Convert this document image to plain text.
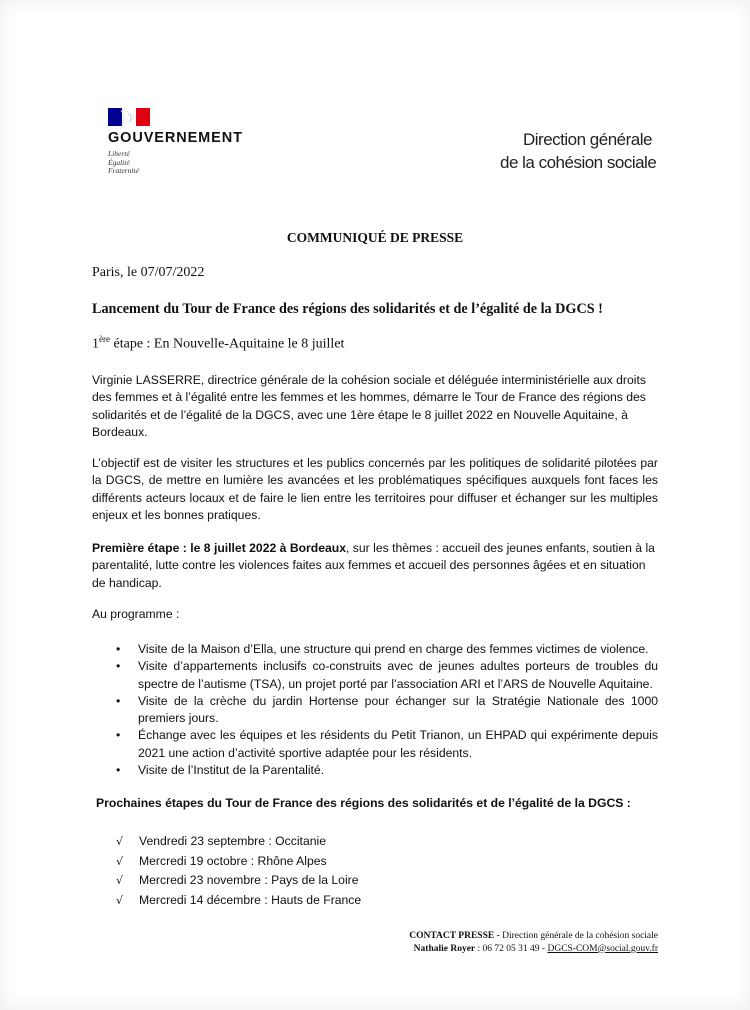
GOUVERNEMENT
Liberté
Égalité
Fraternité
Direction générale
de la cohésion sociale
COMMUNIQUÉ DE PRESSE
Paris, le 07/07/2022
Lancement du Tour de France des régions des solidarités et de l’égalité de la DGCS !
1ère étape : En Nouvelle-Aquitaine le 8 juillet
Virginie LASSERRE, directrice générale de la cohésion sociale et déléguée interministérielle aux droits des femmes et à l’égalité entre les femmes et les hommes, démarre le Tour de France des régions des solidarités et de l’égalité de la DGCS, avec une 1ère étape le 8 juillet 2022 en Nouvelle Aquitaine, à Bordeaux.
L’objectif est de visiter les structures et les publics concernés par les politiques de solidarité pilotées par la DGCS, de mettre en lumière les avancées et les problématiques spécifiques auxquels font faces les différents acteurs locaux et de faire le lien entre les territoires pour diffuser et échanger sur les multiples enjeux et les bonnes pratiques.
Première étape : le 8 juillet 2022 à Bordeaux, sur les thèmes : accueil des jeunes enfants, soutien à la parentalité, lutte contre les violences faites aux femmes et accueil des personnes âgées et en situation de handicap.
Au programme :
• Visite de la Maison d’Ella, une structure qui prend en charge des femmes victimes de violence.
• Visite d’appartements inclusifs co-construits avec de jeunes adultes porteurs de troubles du spectre de l’autisme (TSA), un projet porté par l’association ARI et l’ARS de Nouvelle Aquitaine.
• Visite de la crèche du jardin Hortense pour échanger sur la Stratégie Nationale des 1000 premiers jours.
• Échange avec les équipes et les résidents du Petit Trianon, un EHPAD qui expérimente depuis 2021 une action d’activité sportive adaptée pour les résidents.
• Visite de l’Institut de la Parentalité.
Prochaines étapes du Tour de France des régions des solidarités et de l’égalité de la DGCS :
√ Vendredi 23 septembre : Occitanie
√ Mercredi 19 octobre : Rhône Alpes
√ Mercredi 23 novembre : Pays de la Loire
√ Mercredi 14 décembre : Hauts de France
CONTACT PRESSE - Direction générale de la cohésion sociale
Nathalie Royer : 06 72 05 31 49 - DGCS-COM@social.gouv.fr
